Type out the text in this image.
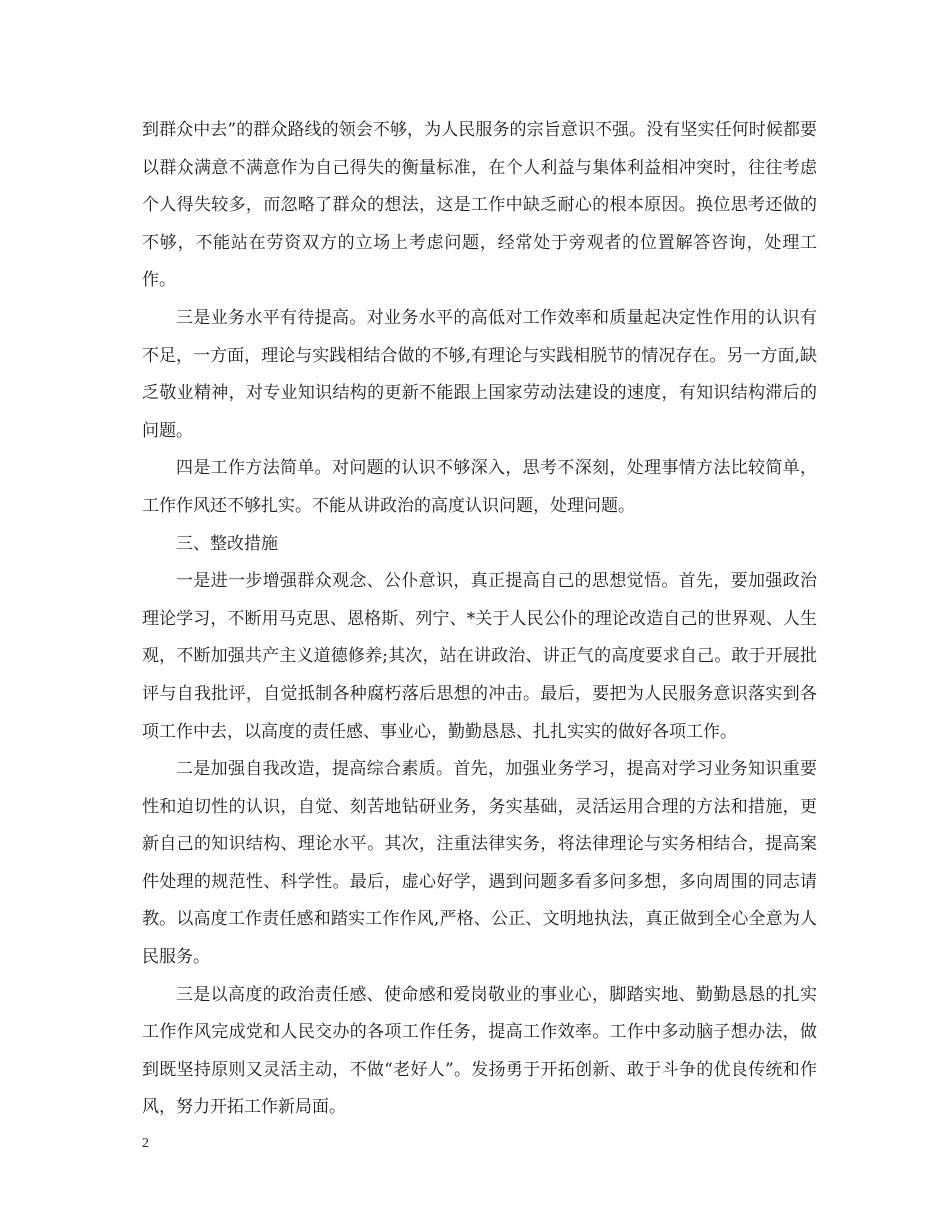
到群众中去”的群众路线的领会不够，为人民服务的宗旨意识不强。没有坚实任何时候都要以群众满意不满意作为自己得失的衡量标准，在个人利益与集体利益相冲突时，往往考虑个人得失较多，而忽略了群众的想法，这是工作中缺乏耐心的根本原因。换位思考还做的不够，不能站在劳资双方的立场上考虑问题，经常处于旁观者的位置解答咨询，处理工作。

三是业务水平有待提高。对业务水平的高低对工作效率和质量起决定性作用的认识有不足，一方面，理论与实践相结合做的不够,有理论与实践相脱节的情况存在。另一方面,缺乏敬业精神，对专业知识结构的更新不能跟上国家劳动法建设的速度，有知识结构滞后的问题。

四是工作方法简单。对问题的认识不够深入，思考不深刻，处理事情方法比较简单，工作作风还不够扎实。不能从讲政治的高度认识问题，处理问题。

三、整改措施

一是进一步增强群众观念、公仆意识，真正提高自己的思想觉悟。首先，要加强政治理论学习，不断用马克思、恩格斯、列宁、*关于人民公仆的理论改造自己的世界观、人生观，不断加强共产主义道德修养;其次，站在讲政治、讲正气的高度要求自己。敢于开展批评与自我批评，自觉抵制各种腐朽落后思想的冲击。最后，要把为人民服务意识落实到各项工作中去，以高度的责任感、事业心，勤勤恳恳、扎扎实实的做好各项工作。

二是加强自我改造，提高综合素质。首先，加强业务学习，提高对学习业务知识重要性和迫切性的认识，自觉、刻苦地钻研业务，务实基础，灵活运用合理的方法和措施，更新自己的知识结构、理论水平。其次，注重法律实务，将法律理论与实务相结合，提高案件处理的规范性、科学性。最后，虚心好学，遇到问题多看多问多想，多向周围的同志请教。以高度工作责任感和踏实工作作风,严格、公正、文明地执法，真正做到全心全意为人民服务。

三是以高度的政治责任感、使命感和爱岗敬业的事业心，脚踏实地、勤勤恳恳的扎实工作作风完成党和人民交办的各项工作任务，提高工作效率。工作中多动脑子想办法，做到既坚持原则又灵活主动，不做“老好人”。发扬勇于开拓创新、敢于斗争的优良传统和作风，努力开拓工作新局面。

2
